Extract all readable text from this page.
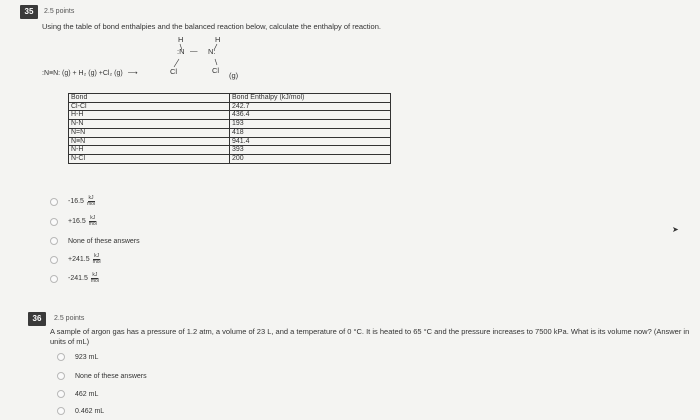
35	2.5 points
Using the table of bond enthalpies and the balanced reaction below, calculate the enthalpy of reaction.
H	H
:N — N:
Cl	Cl
(g)
:N≡N: (g) + H₂ (g) +Cl₂ (g) ⟶
Bond	Bond Enthalpy (kJ/mol)
Cl-Cl	242.7
H-H	436.4
N-N	193
N=N	418
N≡N	941.4
N-H	393
N-Cl	200
$-16.5 \frac{kJ}{\text{mol}}$
$+16.5 \frac{kJ}{\text{mol}}$
None of these answers
$+241.5 \frac{kJ}{\text{mol}}$
$-241.5 \frac{kJ}{\text{mol}}$
➤
36	2.5 points
A sample of argon gas has a pressure of 1.2 atm, a volume of 23 L, and a temperature of 0 °C. It is heated to 65 °C and the pressure increases to 7500 kPa. What is its volume now? (Answer in units of mL)
923 mL
None of these answers
462 mL
0.462 mL
